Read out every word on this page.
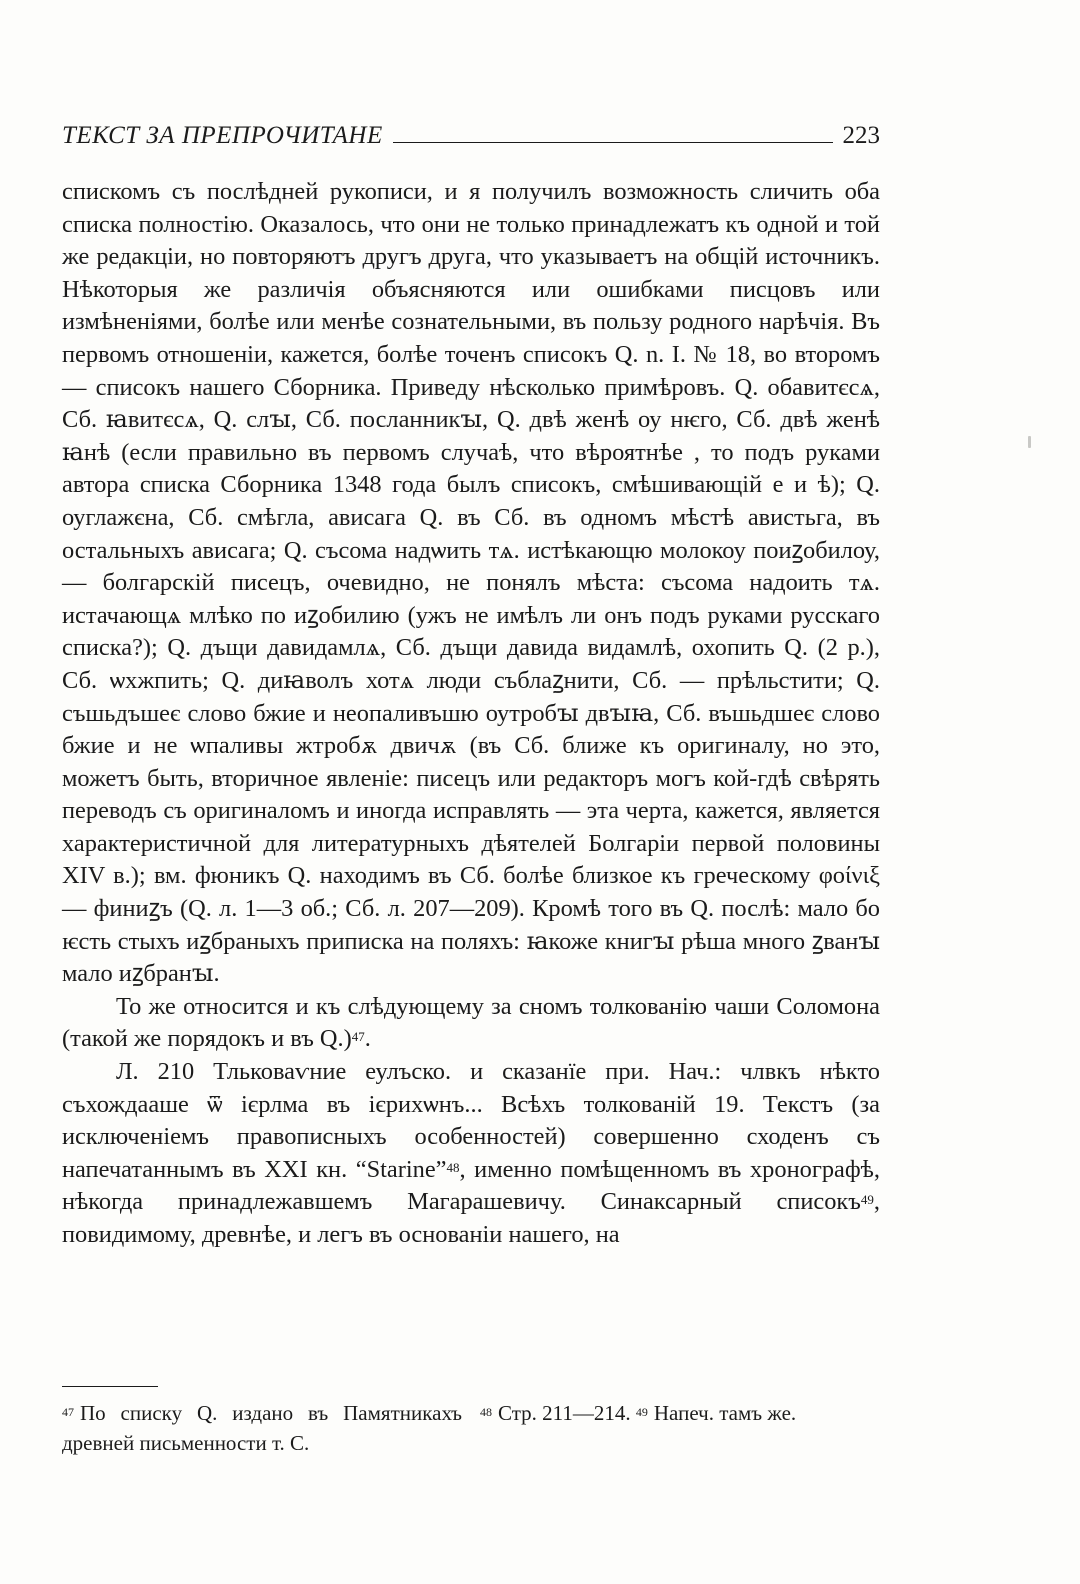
ТЕКСТ ЗА ПРЕПРОЧИТАНЕ	223

спискомъ съ послѣдней рукописи, и я получилъ возможность сличить оба списка полностію. Оказалось, что они не только принадлежатъ къ одной и той же редакціи, но повторяютъ другъ друга, что указываетъ на общій источникъ. Нѣкоторыя же различія объясняются или ошибками писцовъ или измѣненіями, болѣе или менѣе сознательными, въ пользу родного нарѣчія. Въ первомъ отношеніи, кажется, болѣе точенъ списокъ Q. n. I. № 18, во второмъ — списокъ нашего Сборника. Приведу нѣсколько примѣровъ. Q. обавитєсѧ, Сб. ꙗвитєсѧ, Q. слꙑ, Сб. посланникꙑ, Q. двѣ женѣ оу нѥго, Сб. двѣ женѣ ꙗнѣ (если правильно въ первомъ случаѣ, что вѣроятнѣе , то подъ руками автора списка Сборника 1348 года былъ списокъ, смѣшивающій е и ѣ); Q. оуглажєна, Сб. смѣгла, авиcага Q. въ Сб. въ одномъ мѣстѣ авистьга, въ остальныхъ авиcага; Q. съсома надѡить тѧ. истѣкающю молокоу поиꙁобилоу, — болгарскій писецъ, очевидно, не понялъ мѣста: съсома надоить тѧ. истачающѧ млѣко по иꙁобилию (ужъ не имѣлъ ли онъ подъ руками русскаго списка?); Q. дъщи давидамлѧ, Сб. дъщи давида видамлѣ, охопить Q. (2 р.), Сб. ѡхжпить; Q. диꙗволъ хотѧ люди съблаꙁнити, Сб. — прѣльстити; Q. съшьдъшеє слово бжие и неопаливъшю оутробꙑ двꙑꙗ, Сб. въшьдшеє слово бжие и не ѡпаливы жтробѫ двичѫ (въ Сб. ближе къ оригиналу, но это, можетъ быть, вторичное явленіе: писецъ или редакторъ могъ кой-гдѣ свѣрять переводъ съ оригиналомъ и иногда исправлять — эта черта, кажется, является характеристичной для литературныхъ дѣятелей Болгаріи первой половины XIV в.); вм. фюникъ Q. находимъ въ Сб. болѣе близкое къ греческому φοίνιξ — финиꙁъ (Q. л. 1—3 об.; Сб. л. 207—209). Кромѣ того въ Q. послѣ: мало бо ѥсть стыхъ иꙁбраныхъ приписка на поляхъ: ꙗкоже книгꙑ рѣша много ꙁванꙑ мало иꙁбранꙑ.

То же относится и къ слѣдующему за сномъ толкованію чаши Соломона (такой же порядокъ и въ Q.)$^{47}$.

Л. 210 Тльковаѵние еулъско. и сказанїе при. Нач.: члвкъ нѣкто съхождааше ѿ ієрлма въ ієрихѡнъ... Всѣхъ толкованій 19. Текстъ (за исключеніемъ правописныхъ особенностей) совершенно сходенъ съ напечатаннымъ въ XXI кн. “Starine”$^{48}$, именно помѣщенномъ въ хронографѣ, нѣкогда принадлежавшемъ Магарашевичу. Синаксарный списокъ$^{49}$, повидимому, древнѣе, и легъ въ основаніи нашего, на

$^{47}$ По списку Q. издано въ Памятникахъ древней письменности т. С.
$^{48}$ Стр. 211—214. $^{49}$ Напеч. тамъ же.
